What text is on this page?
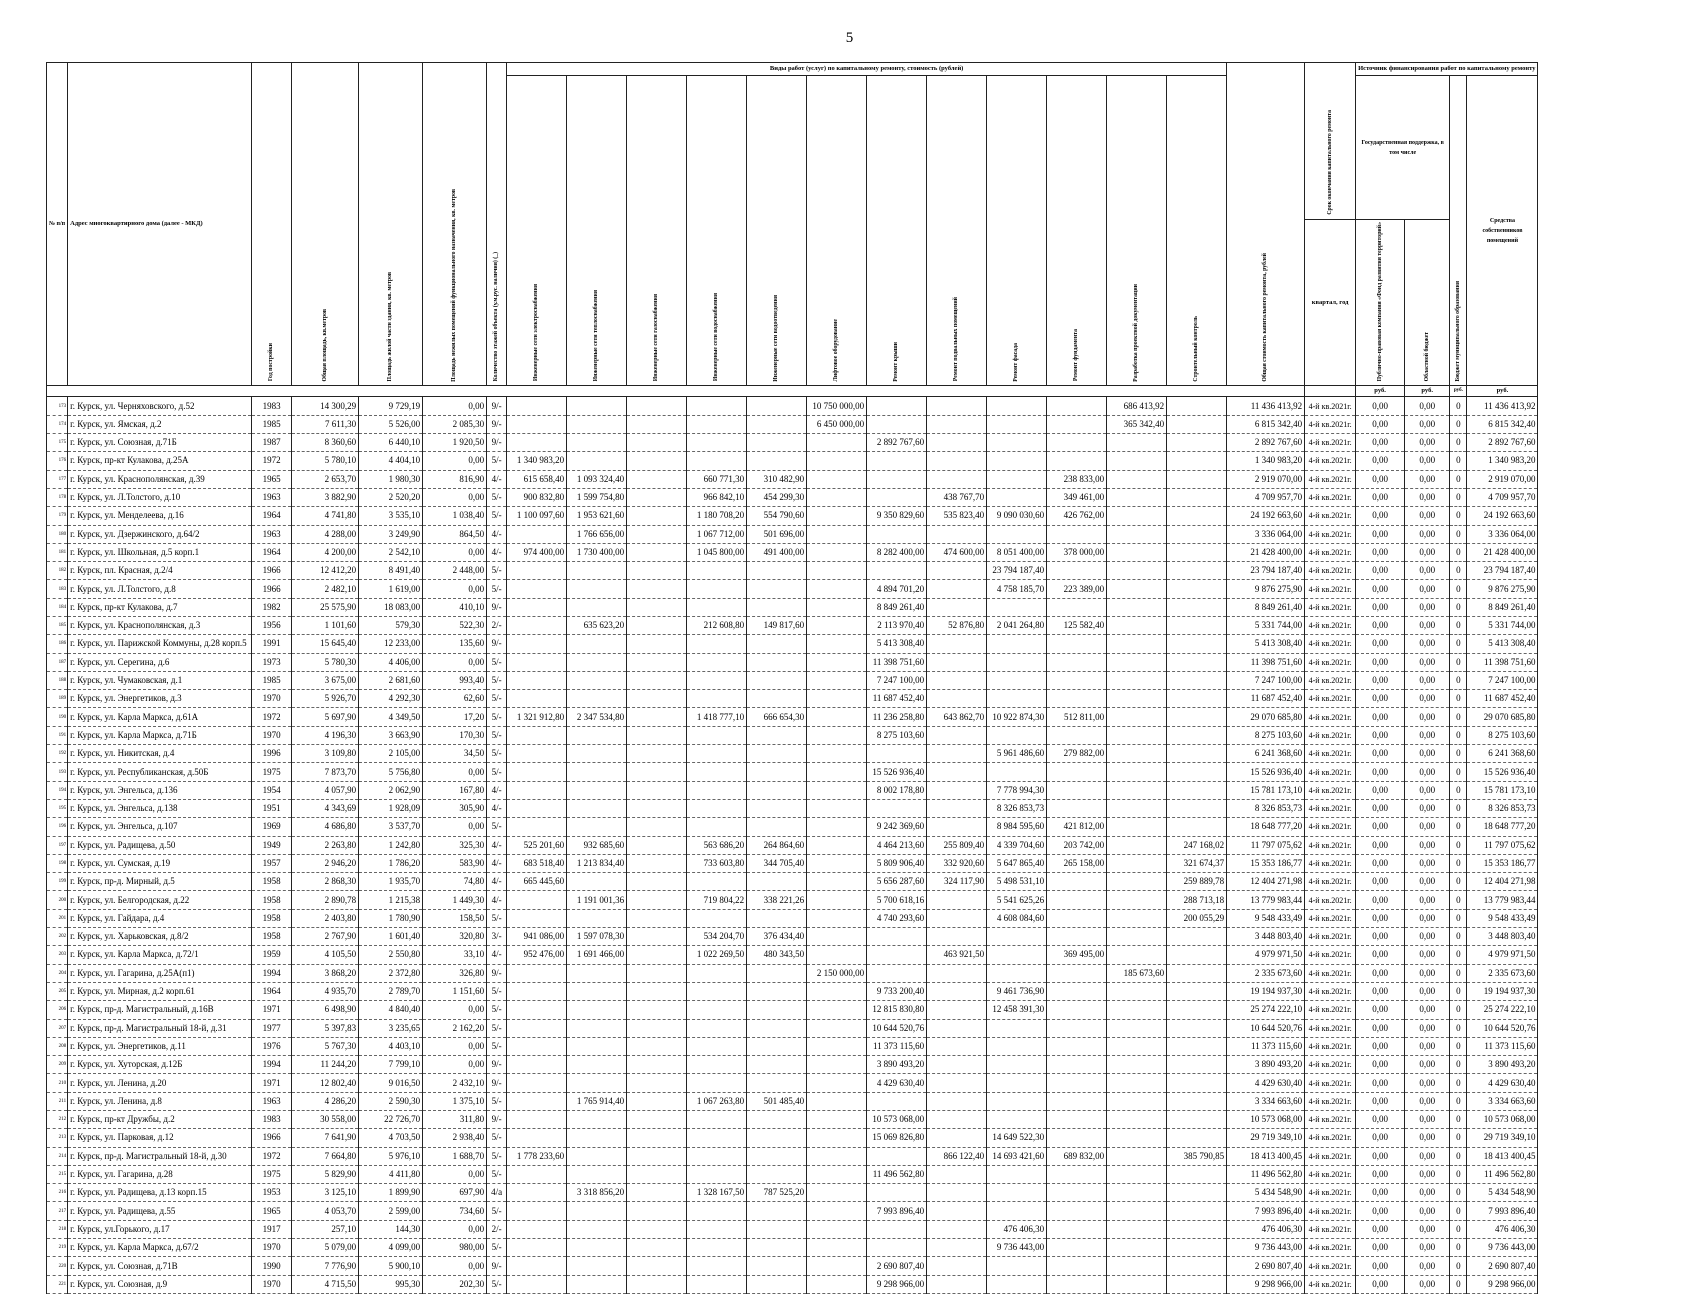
5
№ п/п	Адрес многоквартирного дома (далее - МКД)	Год постройки	Общая площадь, кв.метров	Площадь жилой части здания, кв. метров	Площадь нежилых помещений функционального назначения, кв. метров	Количество этажей объекта (у.м.рус. наличия) (_)	Виды работ (услуг) по капитальному ремонту, стоимость (рублей)												Общая стоимость капитального ремонта, рублей	Срок окончания капитального ремонта	Источник финансирования работ по капитальному ремонту			
							Инженерные сети электроснабжения	Инженерные сети теплоснабжения	Инженерные сети газоснабжения	Инженерные сети водоснабжения	Инженерные сети водоотведения	Лифтовое оборудование	Ремонт крыши	Ремонт подвальных помещений	Ремонт фасада	Ремонт фундамента	Разработка проектной документации	Строительный контроль			Государственная поддержка, в том числе		Бюджет муниципального образования	Средства собственников помещений
																				квартал, год	Публично-правовая компания «Фонд развития территорий»	Областной бюджет		
																					руб.	руб.	руб.	руб.
173	г. Курск, ул. Черняховского, д.52	1983	14 300,29	9 729,19	0,00	9/-						10 750 000,00					686 413,92		11 436 413,92	4-й кв.2021г.	0,00	0,00	0	11 436 413,92
174	г. Курск, ул. Ямская, д.2	1985	7 611,30	5 526,00	2 085,30	9/-						6 450 000,00					365 342,40		6 815 342,40	4-й кв.2021г.	0,00	0,00	0	6 815 342,40
175	г. Курск, ул. Союзная, д.71Б	1987	8 360,60	6 440,10	1 920,50	9/-							2 892 767,60						2 892 767,60	4-й кв.2021г.	0,00	0,00	0	2 892 767,60
176	г. Курск, пр-кт Кулакова, д.25А	1972	5 780,10	4 404,10	0,00	5/-	1 340 983,20												1 340 983,20	4-й кв.2021г.	0,00	0,00	0	1 340 983,20
177	г. Курск, ул. Краснополянская, д.39	1965	2 653,70	1 980,30	816,90	4/-	615 658,40	1 093 324,40		660 771,30	310 482,90					238 833,00			2 919 070,00	4-й кв.2021г.	0,00	0,00	0	2 919 070,00
178	г. Курск, ул. Л.Толстого, д.10	1963	3 882,90	2 520,20	0,00	5/-	900 832,80	1 599 754,80		966 842,10	454 299,30			438 767,70		349 461,00			4 709 957,70	4-й кв.2021г.	0,00	0,00	0	4 709 957,70
179	г. Курск, ул. Менделеева, д.16	1964	4 741,80	3 535,10	1 038,40	5/-	1 100 097,60	1 953 621,60		1 180 708,20	554 790,60		9 350 829,60	535 823,40	9 090 030,60	426 762,00			24 192 663,60	4-й кв.2021г.	0,00	0,00	0	24 192 663,60
180	г. Курск, ул. Дзержинского, д.64/2	1963	4 288,00	3 249,90	864,50	4/-		1 766 656,00		1 067 712,00	501 696,00								3 336 064,00	4-й кв.2021г.	0,00	0,00	0	3 336 064,00
181	г. Курск, ул. Школьная, д.5 корп.1	1964	4 200,00	2 542,10	0,00	4/-	974 400,00	1 730 400,00		1 045 800,00	491 400,00		8 282 400,00	474 600,00	8 051 400,00	378 000,00			21 428 400,00	4-й кв.2021г.	0,00	0,00	0	21 428 400,00
182	г. Курск, пл. Красная, д.2/4	1966	12 412,20	8 491,40	2 448,00	5/-									23 794 187,40				23 794 187,40	4-й кв.2021г.	0,00	0,00	0	23 794 187,40
183	г. Курск, ул. Л.Толстого, д.8	1966	2 482,10	1 619,00	0,00	5/-							4 894 701,20		4 758 185,70	223 389,00			9 876 275,90	4-й кв.2021г.	0,00	0,00	0	9 876 275,90
184	г. Курск, пр-кт Кулакова, д.7	1982	25 575,90	18 083,00	410,10	9/-							8 849 261,40						8 849 261,40	4-й кв.2021г.	0,00	0,00	0	8 849 261,40
185	г. Курск, ул. Краснополянская, д.3	1956	1 101,60	579,30	522,30	2/-		635 623,20		212 608,80	149 817,60		2 113 970,40	52 876,80	2 041 264,80	125 582,40			5 331 744,00	4-й кв.2021г.	0,00	0,00	0	5 331 744,00
186	г. Курск, ул. Парижской Коммуны, д.28 корп.5	1991	15 645,40	12 233,00	135,60	9/-							5 413 308,40						5 413 308,40	4-й кв.2021г.	0,00	0,00	0	5 413 308,40
187	г. Курск, ул. Серегина, д.6	1973	5 780,30	4 406,00	0,00	5/-							11 398 751,60						11 398 751,60	4-й кв.2021г.	0,00	0,00	0	11 398 751,60
188	г. Курск, ул. Чумаковская, д.1	1985	3 675,00	2 681,60	993,40	5/-							7 247 100,00						7 247 100,00	4-й кв.2021г.	0,00	0,00	0	7 247 100,00
189	г. Курск, ул. Энергетиков, д.3	1970	5 926,70	4 292,30	62,60	5/-							11 687 452,40						11 687 452,40	4-й кв.2021г.	0,00	0,00	0	11 687 452,40
190	г. Курск, ул. Карла Маркса, д.61А	1972	5 697,90	4 349,50	17,20	5/-	1 321 912,80	2 347 534,80		1 418 777,10	666 654,30		11 236 258,80	643 862,70	10 922 874,30	512 811,00			29 070 685,80	4-й кв.2021г.	0,00	0,00	0	29 070 685,80
191	г. Курск, ул. Карла Маркса, д.71Б	1970	4 196,30	3 663,90	170,30	5/-							8 275 103,60						8 275 103,60	4-й кв.2021г.	0,00	0,00	0	8 275 103,60
192	г. Курск, ул. Никитская, д.4	1996	3 109,80	2 105,00	34,50	5/-									5 961 486,60	279 882,00			6 241 368,60	4-й кв.2021г.	0,00	0,00	0	6 241 368,60
193	г. Курск, ул. Республиканская, д.50Б	1975	7 873,70	5 756,80	0,00	5/-							15 526 936,40						15 526 936,40	4-й кв.2021г.	0,00	0,00	0	15 526 936,40
194	г. Курск, ул. Энгельса, д.136	1954	4 057,90	2 062,90	167,80	4/-							8 002 178,80		7 778 994,30				15 781 173,10	4-й кв.2021г.	0,00	0,00	0	15 781 173,10
195	г. Курск, ул. Энгельса, д.138	1951	4 343,69	1 928,09	305,90	4/-									8 326 853,73				8 326 853,73	4-й кв.2021г.	0,00	0,00	0	8 326 853,73
196	г. Курск, ул. Энгельса, д.107	1969	4 686,80	3 537,70	0,00	5/-							9 242 369,60		8 984 595,60	421 812,00			18 648 777,20	4-й кв.2021г.	0,00	0,00	0	18 648 777,20
197	г. Курск, ул. Радищева, д.50	1949	2 263,80	1 242,80	325,30	4/-	525 201,60	932 685,60		563 686,20	264 864,60		4 464 213,60	255 809,40	4 339 704,60	203 742,00		247 168,02	11 797 075,62	4-й кв.2021г.	0,00	0,00	0	11 797 075,62
198	г. Курск, ул. Сумская, д.19	1957	2 946,20	1 786,20	583,90	4/-	683 518,40	1 213 834,40		733 603,80	344 705,40		5 809 906,40	332 920,60	5 647 865,40	265 158,00		321 674,37	15 353 186,77	4-й кв.2021г.	0,00	0,00	0	15 353 186,77
199	г. Курск, пр-д. Мирный, д.5	1958	2 868,30	1 935,70	74,80	4/-	665 445,60						5 656 287,60	324 117,90	5 498 531,10			259 889,78	12 404 271,98	4-й кв.2021г.	0,00	0,00	0	12 404 271,98
200	г. Курск, ул. Белгородская, д.22	1958	2 890,78	1 215,38	1 449,30	4/-		1 191 001,36		719 804,22	338 221,26		5 700 618,16		5 541 625,26			288 713,18	13 779 983,44	4-й кв.2021г.	0,00	0,00	0	13 779 983,44
201	г. Курск, ул. Гайдара, д.4	1958	2 403,80	1 780,90	158,50	5/-							4 740 293,60		4 608 084,60			200 055,29	9 548 433,49	4-й кв.2021г.	0,00	0,00	0	9 548 433,49
202	г. Курск, ул. Харьковская, д.8/2	1958	2 767,90	1 601,40	320,80	3/-	941 086,00	1 597 078,30		534 204,70	376 434,40								3 448 803,40	4-й кв.2021г.	0,00	0,00	0	3 448 803,40
203	г. Курск, ул. Карла Маркса, д.72/1	1959	4 105,50	2 550,80	33,10	4/-	952 476,00	1 691 466,00		1 022 269,50	480 343,50			463 921,50		369 495,00			4 979 971,50	4-й кв.2021г.	0,00	0,00	0	4 979 971,50
204	г. Курск, ул. Гагарина, д.25А(п1)	1994	3 868,20	2 372,80	326,80	9/-						2 150 000,00					185 673,60		2 335 673,60	4-й кв.2021г.	0,00	0,00	0	2 335 673,60
205	г. Курск, ул. Мирная, д.2 корп.61	1964	4 935,70	2 789,70	1 151,60	5/-							9 733 200,40		9 461 736,90				19 194 937,30	4-й кв.2021г.	0,00	0,00	0	19 194 937,30
206	г. Курск, пр-д. Магистральный, д.16В	1971	6 498,90	4 840,40	0,00	5/-							12 815 830,80		12 458 391,30				25 274 222,10	4-й кв.2021г.	0,00	0,00	0	25 274 222,10
207	г. Курск, пр-д. Магистральный 18-й, д.31	1977	5 397,83	3 235,65	2 162,20	5/-							10 644 520,76						10 644 520,76	4-й кв.2021г.	0,00	0,00	0	10 644 520,76
208	г. Курск, ул. Энергетиков, д.11	1976	5 767,30	4 403,10	0,00	5/-							11 373 115,60						11 373 115,60	4-й кв.2021г.	0,00	0,00	0	11 373 115,60
209	г. Курск, ул. Хуторская, д.12Б	1994	11 244,20	7 799,10	0,00	9/-							3 890 493,20						3 890 493,20	4-й кв.2021г.	0,00	0,00	0	3 890 493,20
210	г. Курск, ул. Ленина, д.20	1971	12 802,40	9 016,50	2 432,10	9/-							4 429 630,40						4 429 630,40	4-й кв.2021г.	0,00	0,00	0	4 429 630,40
211	г. Курск, ул. Ленина, д.8	1963	4 286,20	2 590,30	1 375,10	5/-		1 765 914,40		1 067 263,80	501 485,40								3 334 663,60	4-й кв.2021г.	0,00	0,00	0	3 334 663,60
212	г. Курск, пр-кт Дружбы, д.2	1983	30 558,00	22 726,70	311,80	9/-							10 573 068,00						10 573 068,00	4-й кв.2021г.	0,00	0,00	0	10 573 068,00
213	г. Курск, ул. Парковая, д.12	1966	7 641,90	4 703,50	2 938,40	5/-							15 069 826,80		14 649 522,30				29 719 349,10	4-й кв.2021г.	0,00	0,00	0	29 719 349,10
214	г. Курск, пр-д. Магистральный 18-й, д.30	1972	7 664,80	5 976,10	1 688,70	5/-	1 778 233,60							866 122,40	14 693 421,60	689 832,00		385 790,85	18 413 400,45	4-й кв.2021г.	0,00	0,00	0	18 413 400,45
215	г. Курск, ул. Гагарина, д.28	1975	5 829,90	4 411,80	0,00	5/-							11 496 562,80						11 496 562,80	4-й кв.2021г.	0,00	0,00	0	11 496 562,80
216	г. Курск, ул. Радищева, д.13 корп.15	1953	3 125,10	1 899,90	697,90	4/а		3 318 856,20		1 328 167,50	787 525,20								5 434 548,90	4-й кв.2021г.	0,00	0,00	0	5 434 548,90
217	г. Курск, ул. Радищева, д.55	1965	4 053,70	2 599,00	734,60	5/-							7 993 896,40						7 993 896,40	4-й кв.2021г.	0,00	0,00	0	7 993 896,40
218	г. Курск, ул.Горького, д.17	1917	257,10	144,30	0,00	2/-									476 406,30				476 406,30	4-й кв.2021г.	0,00	0,00	0	476 406,30
219	г. Курск, ул. Карла Маркса, д.67/2	1970	5 079,00	4 099,00	980,00	5/-									9 736 443,00				9 736 443,00	4-й кв.2021г.	0,00	0,00	0	9 736 443,00
220	г. Курск, ул. Союзная, д.71В	1990	7 776,90	5 900,10	0,00	9/-							2 690 807,40						2 690 807,40	4-й кв.2021г.	0,00	0,00	0	2 690 807,40
221	г. Курск, ул. Союзная, д.9	1970	4 715,50	995,30	202,30	5/-							9 298 966,00						9 298 966,00	4-й кв.2021г.	0,00	0,00	0	9 298 966,00
